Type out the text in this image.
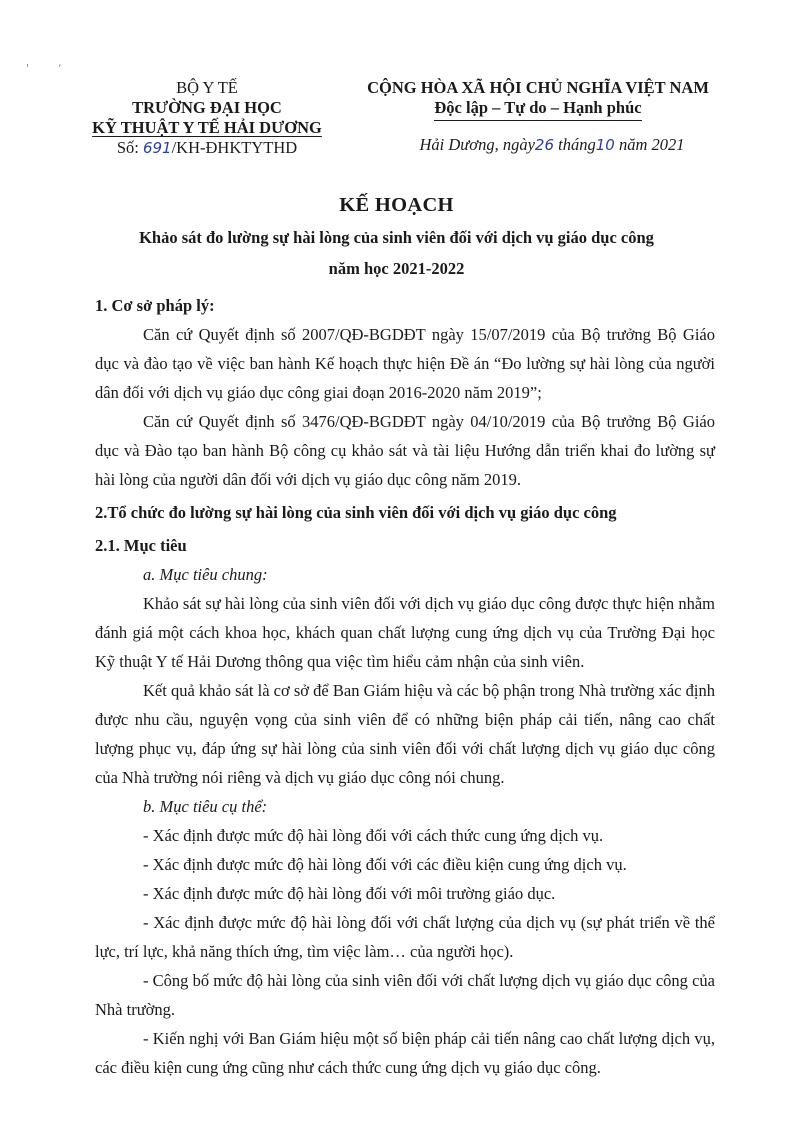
'	,
BỘ Y TẾ
TRƯỜNG ĐẠI HỌC
KỸ THUẬT Y TẾ HẢI DƯƠNG
Số: 691/KH-ĐHKTYTHD
CỘNG HÒA XÃ HỘI CHỦ NGHĨA VIỆT NAM
Độc lập – Tự do – Hạnh phúc
Hải Dương, ngày26 tháng10 năm 2021
KẾ HOẠCH
Khảo sát đo lường sự hài lòng của sinh viên đối với dịch vụ giáo dục công
năm học 2021-2022

1. Cơ sở pháp lý:

Căn cứ Quyết định số 2007/QĐ-BGDĐT ngày 15/07/2019 của Bộ trưởng Bộ Giáo dục và đào tạo về việc ban hành Kế hoạch thực hiện Đề án “Đo lường sự hài lòng của người dân đối với dịch vụ giáo dục công giai đoạn 2016-2020 năm 2019”;

Căn cứ Quyết định số 3476/QĐ-BGDĐT ngày 04/10/2019 của Bộ trưởng Bộ Giáo dục và Đào tạo ban hành Bộ công cụ khảo sát và tài liệu Hướng dẫn triển khai đo lường sự hài lòng của người dân đối với dịch vụ giáo dục công năm 2019.

2.Tổ chức đo lường sự hài lòng của sinh viên đối với dịch vụ giáo dục công

2.1. Mục tiêu

a. Mục tiêu chung:

Khảo sát sự hài lòng của sinh viên đối với dịch vụ giáo dục công được thực hiện nhằm đánh giá một cách khoa học, khách quan chất lượng cung ứng dịch vụ của Trường Đại học Kỹ thuật Y tế Hải Dương thông qua việc tìm hiểu cảm nhận của sinh viên.

Kết quả khảo sát là cơ sở để Ban Giám hiệu và các bộ phận trong Nhà trường xác định được nhu cầu, nguyện vọng của sinh viên để có những biện pháp cải tiến, nâng cao chất lượng phục vụ, đáp ứng sự hài lòng của sinh viên đối với chất lượng dịch vụ giáo dục công của Nhà trường nói riêng và dịch vụ giáo dục công nói chung.

b. Mục tiêu cụ thể:

- Xác định được mức độ hài lòng đối với cách thức cung ứng dịch vụ.

- Xác định được mức độ hài lòng đối với các điều kiện cung ứng dịch vụ.

- Xác định được mức độ hài lòng đối với môi trường giáo dục.

- Xác định được mức độ hài lòng đối với chất lượng của dịch vụ (sự phát triển về thể lực, trí lực, khả năng thích ứng, tìm việc làm… của người học).

- Công bố mức độ hài lòng của sinh viên đối với chất lượng dịch vụ giáo dục công của Nhà trường.

- Kiến nghị với Ban Giám hiệu một số biện pháp cải tiến nâng cao chất lượng dịch vụ, các điều kiện cung ứng cũng như cách thức cung ứng dịch vụ giáo dục công.
